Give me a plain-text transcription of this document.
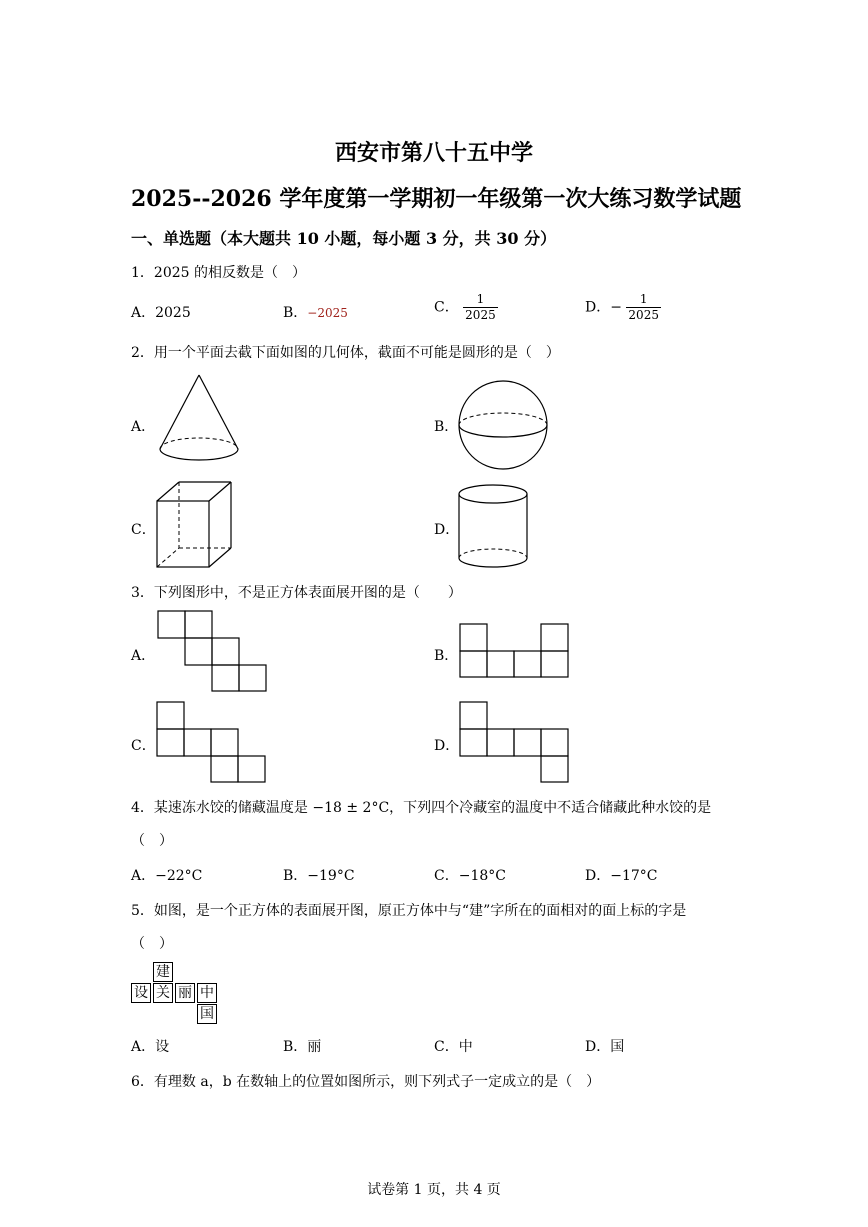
西安市第八十五中学
2025--2026 学年度第一学期初一年级第一次大练习数学试题
一、单选题（本大题共 10 小题，每小题 3 分，共 30 分）
1．2025 的相反数是（　）
A．2025	B．−2025	C． $\frac{1}{2025}$	D．− $\frac{1}{2025}$
2．用一个平面去截下面如图的几何体，截面不可能是圆形的是（　）
A．	B．
C．	D．
3．下列图形中，不是正方体表面展开图的是（　　）
A．	B．
C．	D．
4．某速冻水饺的储藏温度是 −18 ± 2°C，下列四个冷藏室的温度中不适合储藏此种水饺的是
（　）
A．−22°C	B．−19°C	C．−18°C	D．−17°C
5．如图，是一个正方体的表面展开图，原正方体中与“建”字所在的面相对的面上标的字是
（　）
建
设 关 丽 中
国
A．设	B．丽	C．中	D．国
6．有理数 a，b 在数轴上的位置如图所示，则下列式子一定成立的是（　）
试卷第 1 页，共 4 页
